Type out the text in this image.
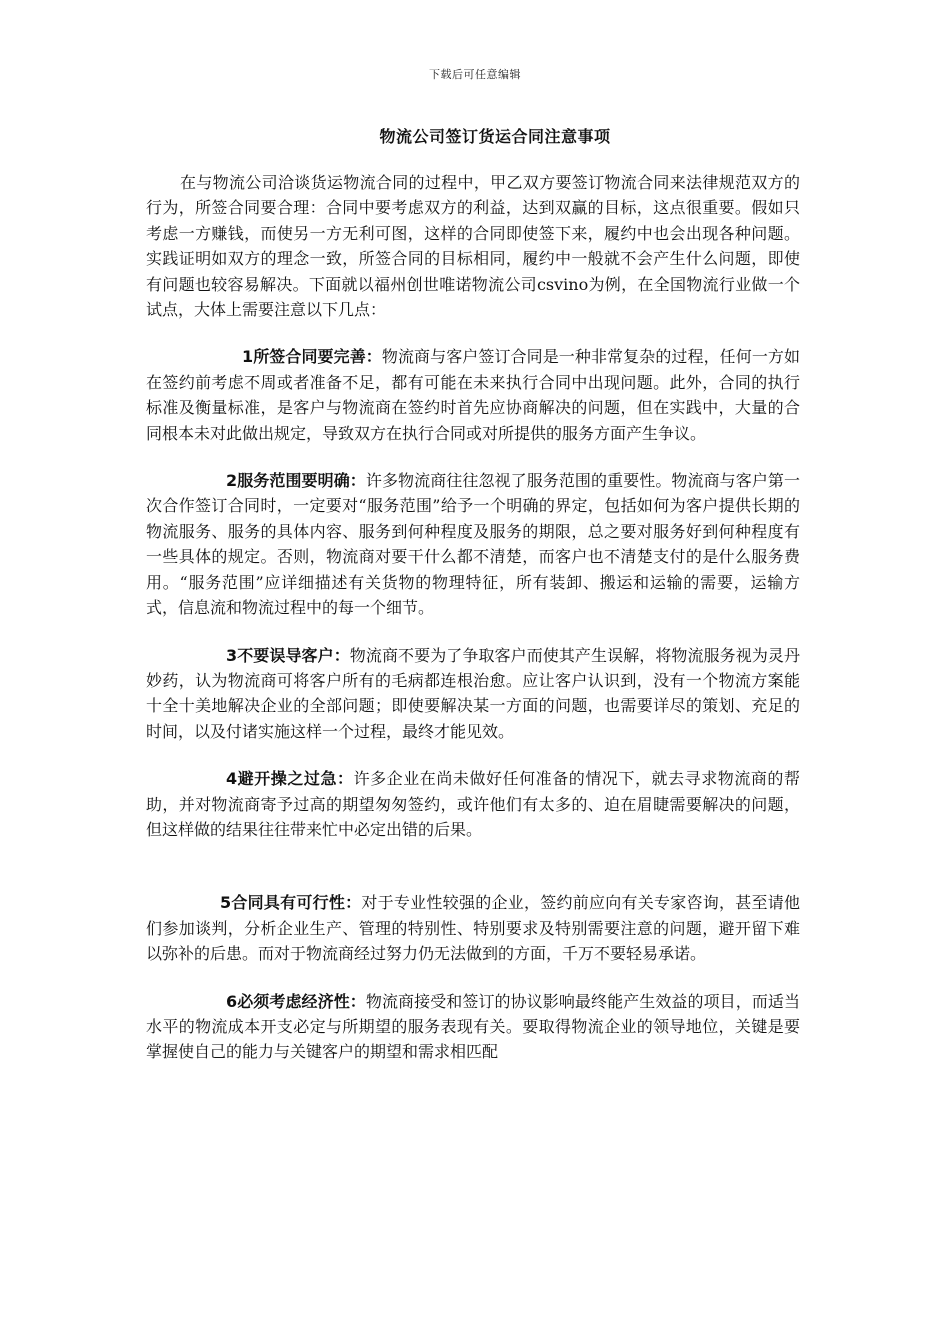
下载后可任意编辑
物流公司签订货运合同注意事项

在与物流公司洽谈货运物流合同的过程中，甲乙双方要签订物流合同来法律规范双方的行为，所签合同要合理：合同中要考虑双方的利益，达到双赢的目标，这点很重要。假如只考虑一方赚钱，而使另一方无利可图，这样的合同即使签下来，履约中也会出现各种问题。实践证明如双方的理念一致，所签合同的目标相同，履约中一般就不会产生什么问题，即使有问题也较容易解决。下面就以福州创世唯诺物流公司csvino为例，在全国物流行业做一个试点，大体上需要注意以下几点：

1所签合同要完善：物流商与客户签订合同是一种非常复杂的过程，任何一方如在签约前考虑不周或者准备不足，都有可能在未来执行合同中出现问题。此外，合同的执行标准及衡量标准，是客户与物流商在签约时首先应协商解决的问题，但在实践中，大量的合同根本未对此做出规定，导致双方在执行合同或对所提供的服务方面产生争议。

2服务范围要明确：许多物流商往往忽视了服务范围的重要性。物流商与客户第一次合作签订合同时，一定要对“服务范围”给予一个明确的界定，包括如何为客户提供长期的物流服务、服务的具体内容、服务到何种程度及服务的期限，总之要对服务好到何种程度有一些具体的规定。否则，物流商对要干什么都不清楚，而客户也不清楚支付的是什么服务费用。“服务范围”应详细描述有关货物的物理特征，所有装卸、搬运和运输的需要，运输方式，信息流和物流过程中的每一个细节。

3不要误导客户：物流商不要为了争取客户而使其产生误解，将物流服务视为灵丹妙药，认为物流商可将客户所有的毛病都连根治愈。应让客户认识到，没有一个物流方案能十全十美地解决企业的全部问题；即使要解决某一方面的问题，也需要详尽的策划、充足的时间，以及付诸实施这样一个过程，最终才能见效。

4避开操之过急：许多企业在尚未做好任何准备的情况下，就去寻求物流商的帮助，并对物流商寄予过高的期望匆匆签约，或许他们有太多的、迫在眉睫需要解决的问题，但这样做的结果往往带来忙中必定出错的后果。

5合同具有可行性：对于专业性较强的企业，签约前应向有关专家咨询，甚至请他们参加谈判，分析企业生产、管理的特别性、特别要求及特别需要注意的问题，避开留下难以弥补的后患。而对于物流商经过努力仍无法做到的方面，千万不要轻易承诺。

6必须考虑经济性：物流商接受和签订的协议影响最终能产生效益的项目，而适当水平的物流成本开支必定与所期望的服务表现有关。要取得物流企业的领导地位，关键是要掌握使自己的能力与关键客户的期望和需求相匹配
